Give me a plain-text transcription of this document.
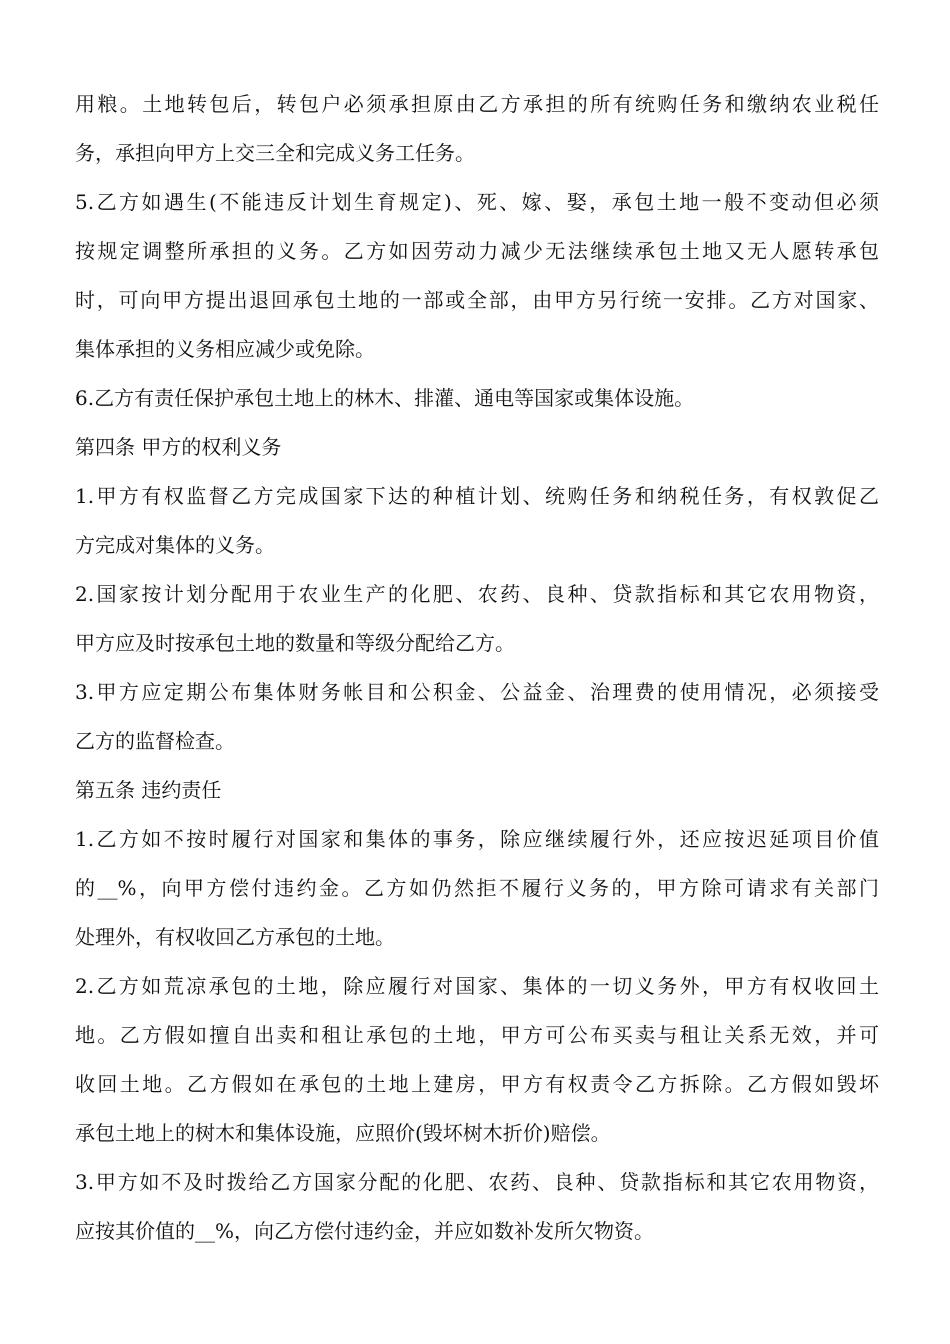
用粮。土地转包后，转包户必须承担原由乙方承担的所有统购任务和缴纳农业税任
务，承担向甲方上交三全和完成义务工任务。
5.乙方如遇生(不能违反计划生育规定)、死、嫁、娶，承包土地一般不变动但必须
按规定调整所承担的义务。乙方如因劳动力减少无法继续承包土地又无人愿转承包
时，可向甲方提出退回承包土地的一部或全部，由甲方另行统一安排。乙方对国家、
集体承担的义务相应减少或免除。
6.乙方有责任保护承包土地上的林木、排灌、通电等国家或集体设施。
第四条 甲方的权利义务
1.甲方有权监督乙方完成国家下达的种植计划、统购任务和纳税任务，有权敦促乙
方完成对集体的义务。
2.国家按计划分配用于农业生产的化肥、农药、良种、贷款指标和其它农用物资，
甲方应及时按承包土地的数量和等级分配给乙方。
3.甲方应定期公布集体财务帐目和公积金、公益金、治理费的使用情况，必须接受
乙方的监督检查。
第五条 违约责任
1.乙方如不按时履行对国家和集体的事务，除应继续履行外，还应按迟延项目价值
的__%，向甲方偿付违约金。乙方如仍然拒不履行义务的，甲方除可请求有关部门
处理外，有权收回乙方承包的土地。
2.乙方如荒凉承包的土地，除应履行对国家、集体的一切义务外，甲方有权收回土
地。乙方假如擅自出卖和租让承包的土地，甲方可公布买卖与租让关系无效，并可
收回土地。乙方假如在承包的土地上建房，甲方有权责令乙方拆除。乙方假如毁坏
承包土地上的树木和集体设施，应照价(毁坏树木折价)赔偿。
3.甲方如不及时拨给乙方国家分配的化肥、农药、良种、贷款指标和其它农用物资，
应按其价值的__%，向乙方偿付违约金，并应如数补发所欠物资。
